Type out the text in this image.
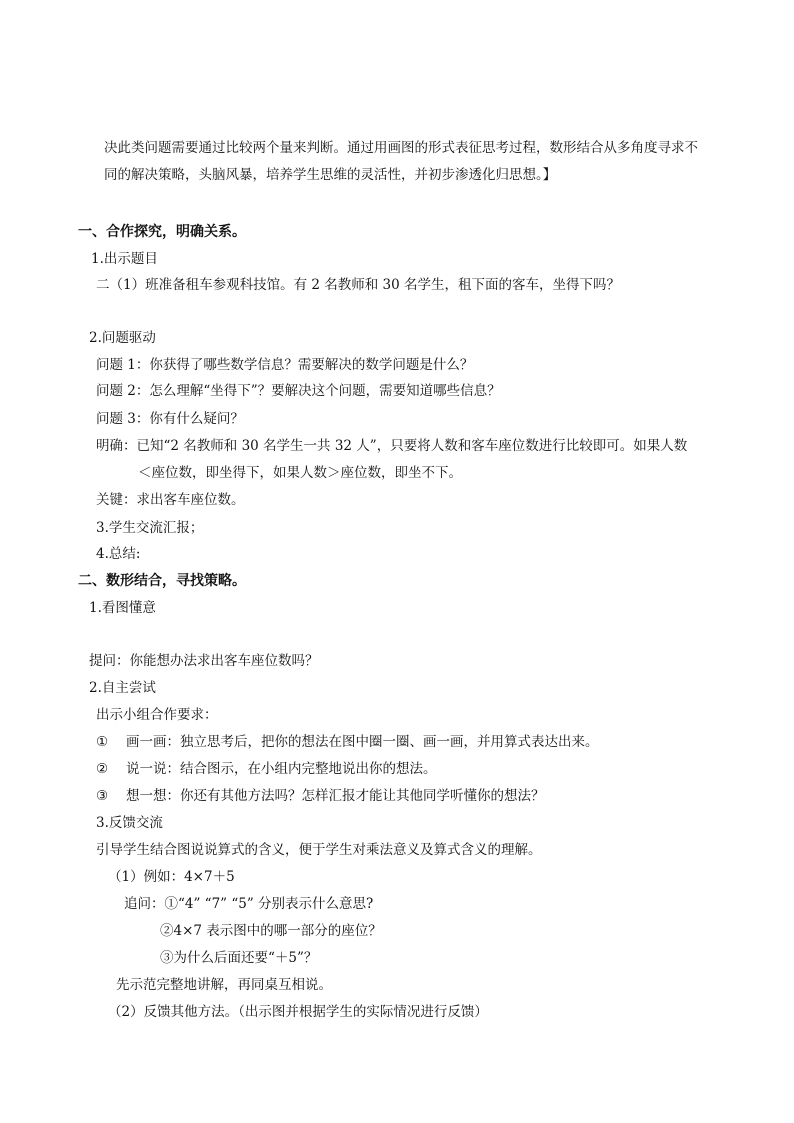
决此类问题需要通过比较两个量来判断。通过用画图的形式表征思考过程，数形结合从多角度寻求不
同的解决策略，头脑风暴，培养学生思维的灵活性，并初步渗透化归思想。】
一、合作探究，明确关系。
1.出示题目
二（1）班准备租车参观科技馆。有 2 名教师和 30 名学生，租下面的客车，坐得下吗？
2.问题驱动
问题 1：你获得了哪些数学信息？需要解决的数学问题是什么？
问题 2：怎么理解“坐得下”？要解决这个问题，需要知道哪些信息？
问题 3：你有什么疑问？
明确：已知“2 名教师和 30 名学生一共 32 人”，只要将人数和客车座位数进行比较即可。如果人数
＜座位数，即坐得下，如果人数＞座位数，即坐不下。
关键：求出客车座位数。
3.学生交流汇报；
4.总结:
二、数形结合，寻找策略。
1.看图懂意
提问：你能想办法求出客车座位数吗？
2.自主尝试
出示小组合作要求：
① 画一画：独立思考后，把你的想法在图中圈一圈、画一画，并用算式表达出来。
② 说一说：结合图示，在小组内完整地说出你的想法。
③ 想一想：你还有其他方法吗？怎样汇报才能让其他同学听懂你的想法？
3.反馈交流
引导学生结合图说说算式的含义，便于学生对乘法意义及算式含义的理解。
（1）例如：4×7＋5
追问：①“4” “7” “5” 分别表示什么意思?
②4×7 表示图中的哪一部分的座位？
③为什么后面还要“＋5”？
先示范完整地讲解，再同桌互相说。
（2）反馈其他方法。（出示图并根据学生的实际情况进行反馈）
